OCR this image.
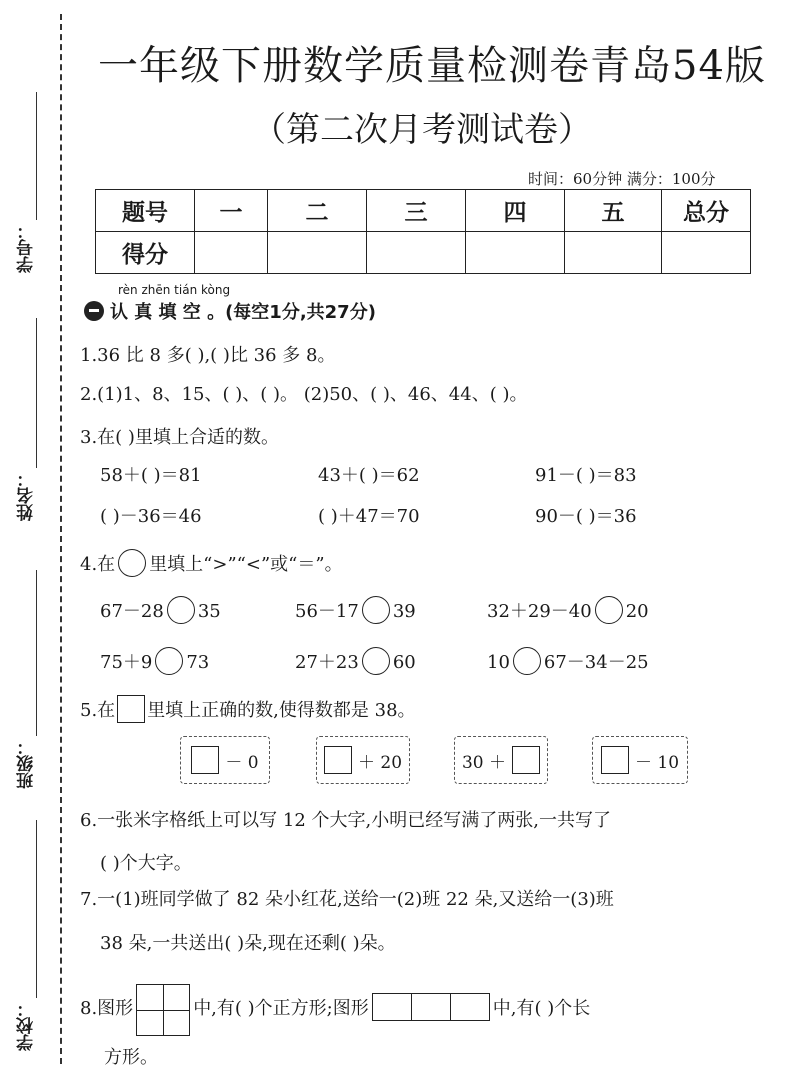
学号：
姓名：
班级：
学校：
一年级下册数学质量检测卷青岛54版
（第二次月考测试卷）
时间：60分钟 满分：100分
题号	一	二	三	四	五	总分
得分						
rèn zhēn tián kòng
认 真 填 空 。(每空1分,共27分)
1.36 比 8 多( ),( )比 36 多 8。
2.(1)1、8、15、( )、( )。 (2)50、( )、46、44、( )。
3.在( )里填上合适的数。
58＋( )＝81	43＋( )＝62	91－( )＝83
( )－36＝46	( )＋47＝70	90－( )＝36
4.在 里填上“>”“<”或“＝”。
67－28 35	56－17 39	32＋29－40 20
75＋9 73	27＋23 60	10 67－34－25
5.在 里填上正确的数,使得数都是 38。
－ 0	＋ 20	30 ＋	－ 10
6.一张米字格纸上可以写 12 个大字,小明已经写满了两张,一共写了
( )个大字。
7.一(1)班同学做了 82 朵小红花,送给一(2)班 22 朵,又送给一(3)班
38 朵,一共送出( )朵,现在还剩( )朵。
8.图形	中,有( )个正方形;图形	中,有( )个长
方形。
